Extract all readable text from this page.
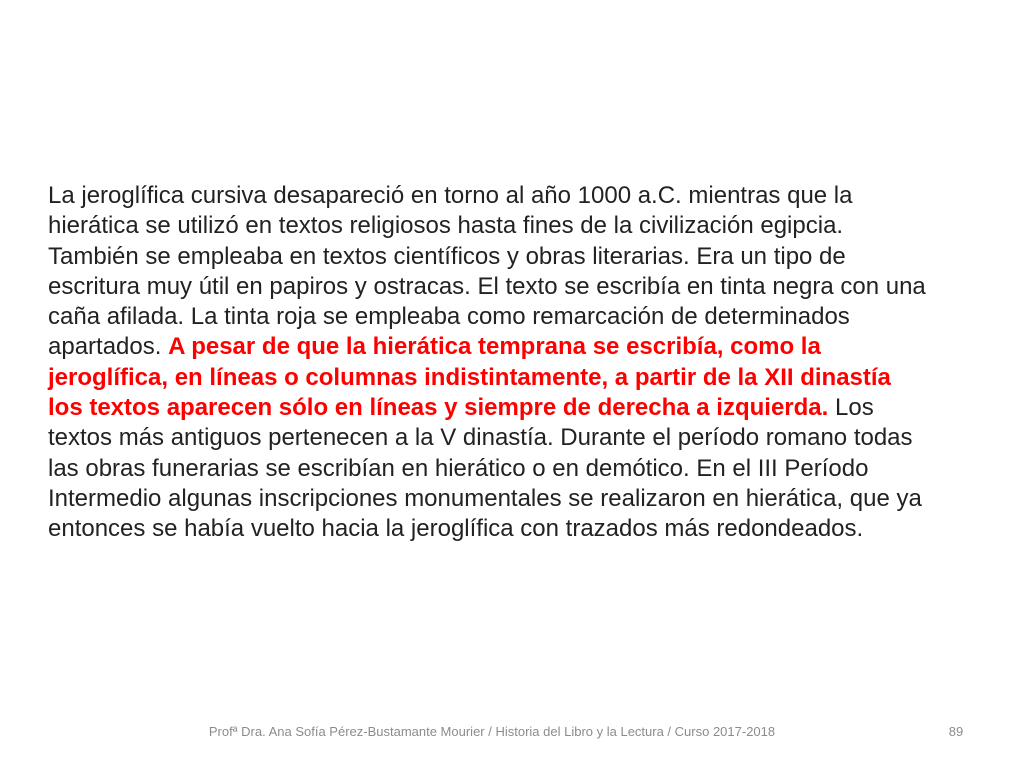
La jeroglífica cursiva desapareció en torno al año 1000 a.C. mientras que la hierática se utilizó en textos religiosos hasta fines de la civilización egipcia. También se empleaba en textos científicos y obras literarias. Era un tipo de escritura muy útil en papiros y ostracas. El texto se escribía en tinta negra con una caña afilada. La tinta roja se empleaba como remarcación de determinados apartados. A pesar de que la hierática temprana se escribía, como la jeroglífica, en líneas o columnas indistintamente, a partir de la XII dinastía los textos aparecen sólo en líneas y siempre de derecha a izquierda. Los textos más antiguos pertenecen a la V dinastía. Durante el período romano todas las obras funerarias se escribían en hierático o en demótico. En el III Período Intermedio algunas inscripciones monumentales se realizaron en hierática, que ya entonces se había vuelto hacia la jeroglífica con trazados más redondeados.

Profª Dra. Ana Sofía Pérez-Bustamante Mourier / Historia del Libro y la Lectura / Curso 2017-2018	89
